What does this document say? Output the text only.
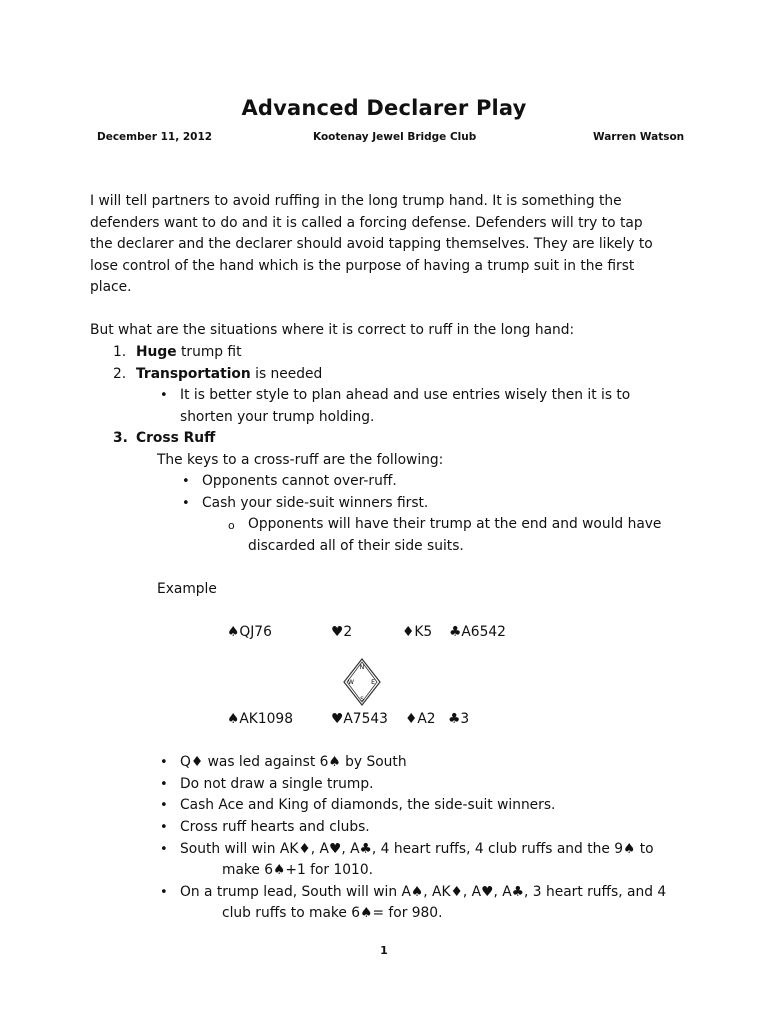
Advanced Declarer Play
December 11, 2012	Kootenay Jewel Bridge Club	Warren Watson
I will tell partners to avoid ruffing in the long trump hand. It is something the
defenders want to do and it is called a forcing defense. Defenders will try to tap
the declarer and the declarer should avoid tapping themselves. They are likely to
lose control of the hand which is the purpose of having a trump suit in the first
place.
But what are the situations where it is correct to ruff in the long hand:
1. Huge trump fit
2. Transportation is needed
• It is better style to plan ahead and use entries wisely then it is to
shorten your trump holding.
3. Cross Ruff
The keys to a cross-ruff are the following:
• Opponents cannot over-ruff.
• Cash your side-suit winners first.
o Opponents will have their trump at the end and would have
discarded all of their side suits.
Example
♠QJ76	♥2	♦K5 ♣A6542
N
E
S
W
♠AK1098	♥A7543 ♦A2 ♣3
• Q♦ was led against 6♠ by South
• Do not draw a single trump.
• Cash Ace and King of diamonds, the side-suit winners.
• Cross ruff hearts and clubs.
• South will win AK♦, A♥, A♣, 4 heart ruffs, 4 club ruffs and the 9♠ to
make 6♠+1 for 1010.
• On a trump lead, South will win A♠, AK♦, A♥, A♣, 3 heart ruffs, and 4
club ruffs to make 6♠= for 980.
1
